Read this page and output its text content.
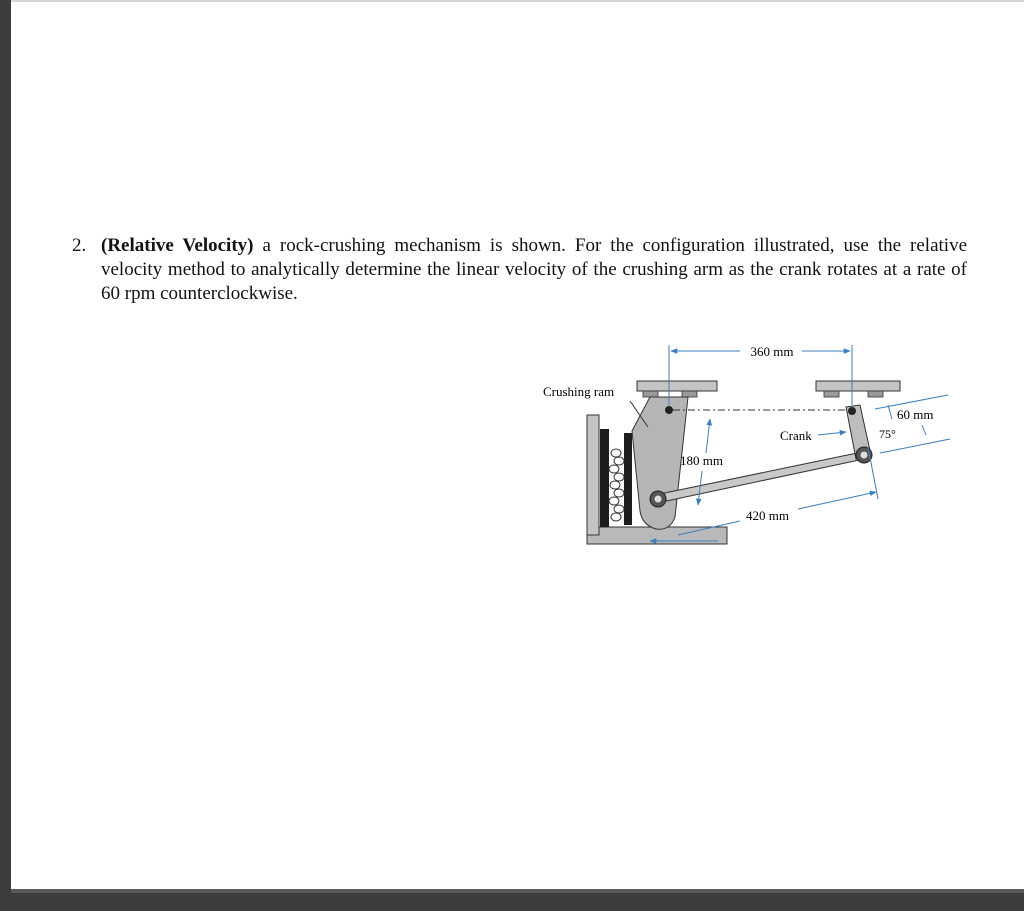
2. (Relative Velocity) a rock-crushing mechanism is shown. For the configuration illustrated, use the relative velocity method to analytically determine the linear velocity of the crushing arm as the crank rotates at a rate of 60 rpm counterclockwise.
360 mm
Crushing ram
60 mm
75°
Crank
180 mm
420 mm
